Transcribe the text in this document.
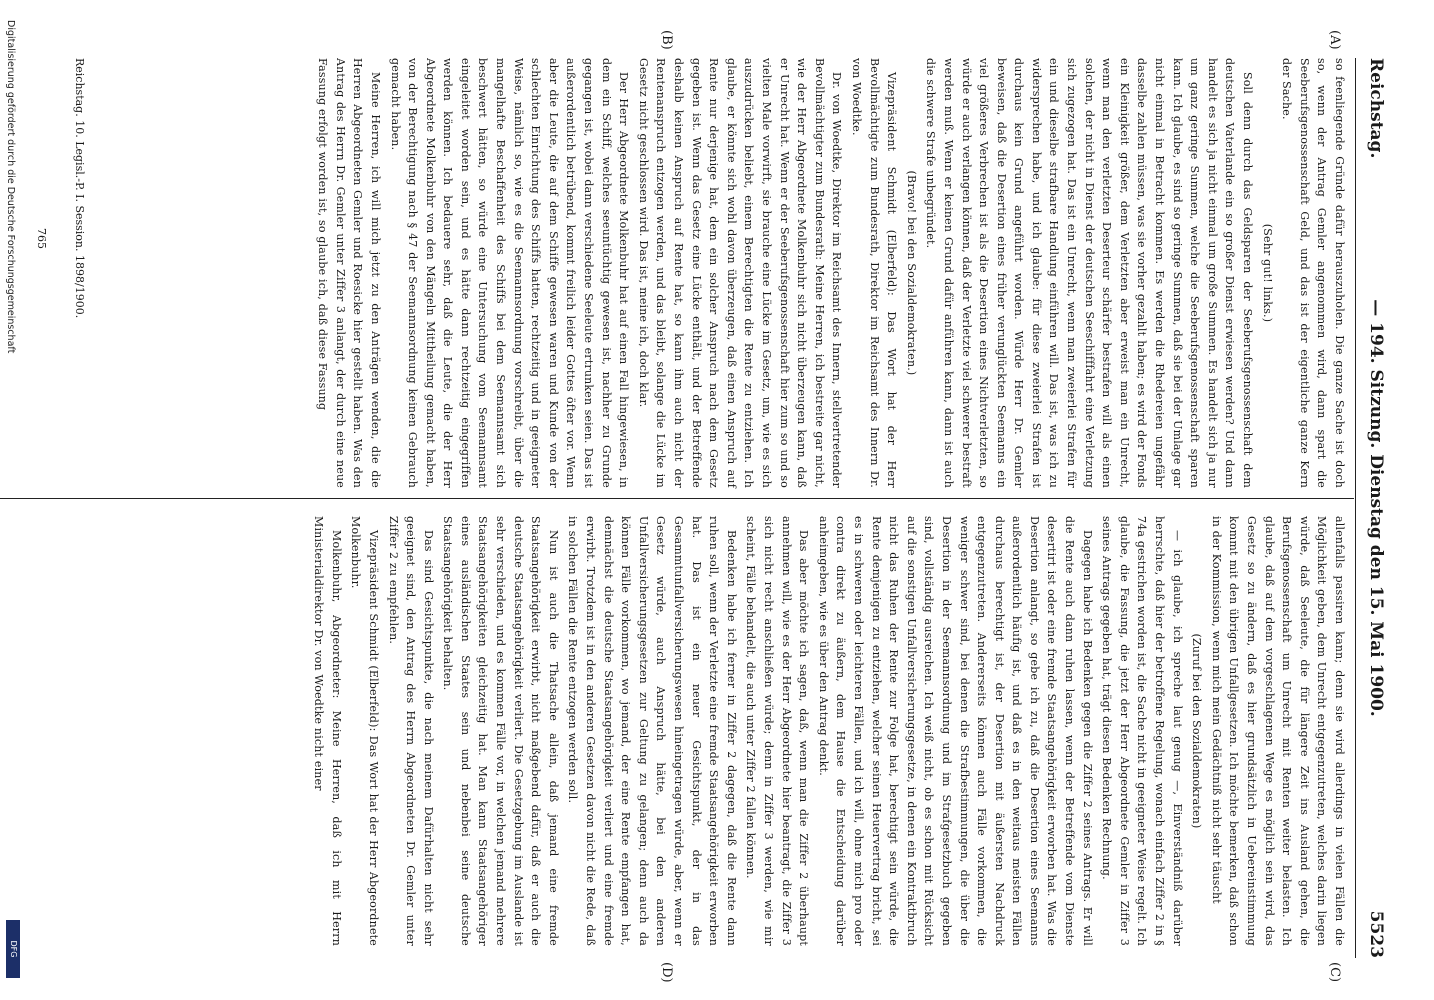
Reichstag.
— 194. Sitzung. Dienstag den 15. Mai 1900.
5523
(A)
(B)
(C)
(D)

so feenliegende Gründe dafür herauszuholen. Die ganze Sache ist doch so, wenn der Antrag Gemler angenommen wird, dann spart die Seeberufsgenossenschaft Geld, und das ist der eigentliche ganze Kern der Sache.

(Sehr gut! links.)

Soll denn durch das Geldsparen der Seeberufsgenossenschaft dem deutschen Vaterlande ein so großer Dienst erwiesen werden? Und dann handelt es sich ja nicht einmal um große Summen. Es handelt sich ja nur um ganz geringe Summen, welche die Seeberufsgenossenschaft sparen kann. Ich glaube, es sind so geringe Summen, daß sie bei der Umlage gar nicht einmal in Betracht kommen. Es werden die Rhedereien ungefähr dasselbe zahlen müssen, was sie vorher gezahlt haben; es wird der Fonds ein Kleinigkeit größer, dem Verletzten aber erweist man ein Unrecht, wenn man den verletzten Deserteur schärfer bestrafen will als einen solchen, der nicht in Dienst der deutschen Seeschifffahrt eine Verletzung sich zugezogen hat. Das ist ein Unrecht, wenn man zweierlei Strafen für ein und dieselbe strafbare Handlung einführen will. Das ist, was ich zu widersprechen habe, und ich glaube: für diese zweierlei Strafen ist durchaus kein Grund angeführt worden. Würde Herr Dr. Gemler beweisen, daß die Desertion eines früher verunglückten Seemanns ein viel größeres Verbrechen ist als die Desertion eines Nichtverletzten, so würde er auch verlangen können, daß der Verletzte viel schwerer bestraft werden muß. Wenn er keinen Grund dafür anführen kann, dann ist auch die schwere Strafe unbegründet.

(Bravo! bei den Sozialdemokraten.)

Vizepräsident Schmidt (Elberfeld): Das Wort hat der Herr Bevollmächtigte zum Bundesrath, Direktor im Reichsamt des Innern Dr. von Woedtke.

Dr. von Woedtke, Direktor im Reichsamt des Innern, stellvertretender Bevollmächtigter zum Bundesrath: Meine Herren, ich bestreite gar nicht, wie der Herr Abgeordnete Molkenbuhr sich nicht überzeugen kann, daß er Unrecht hat. Wenn er der Seeberufsgenossenschaft hier zum so und so vielten Male vorwirft, sie brauche eine Lücke im Gesetz, um, wie es sich auszudrücken beliebt, einem Berechtigten die Rente zu entziehen. Ich glaube, er könnte sich wohl davon überzeugen, daß einen Anspruch auf Rente nur derjenige hat, dem ein solcher Anspruch nach dem Gesetz gegeben ist. Wenn das Gesetz eine Lücke enthält, und der Betreffende deshalb keinen Anspruch auf Rente hat, so kann ihm auch nicht der Rentenanspruch entzogen werden, und das bleibt, solange die Lücke im Gesetz nicht geschlossen wird. Das ist, meine ich, doch klar.

Der Herr Abgeordnete Molkenbuhr hat auf einen Fall hingewiesen, in dem ein Schiff, welches seeuntüchtig gewesen ist, nachher zu Grunde gegangen ist, wobei dann verschiedene Seeleute ertrunken seien. Das ist außerordentlich betrübend, kommt freilich leider Gottes öfter vor. Wenn aber die Leute, die auf dem Schiffe gewesen waren und Kunde von der schlechten Einrichtung des Schiffs hatten, rechtzeitig und in geeigneter Weise, nämlich so, wie es die Seemannsordnung vorschreibt, über die mangelhafte Beschaffenheit des Schiffs bei dem Seemannsamt sich beschwert hätten, so würde eine Untersuchung vom Seemannsamt eingeleitet worden sein, und es hätte dann rechtzeitig eingegriffen werden können. Ich bedauere sehr, daß die Leute, die der Herr Abgeordnete Molkenbuhr von den Mängeln Mittheilung gemacht haben, von der Berechtigung nach § 47 der Seemannsordnung keinen Gebrauch gemacht haben.

Meine Herren, ich will mich jetzt zu den Anträgen wenden, die die Herren Abgeordneten Gemler und Roesicke hier gestellt haben. Was den Antrag des Herrn Dr. Gemler unter Ziffer 3 anlangt, der durch eine neue Fassung erfolgt worden ist, so glaube ich, daß diese Fassung

allenfalls passiren kann; denn sie wird allerdings in vielen Fällen die Möglichkeit geben, dem Unrecht entgegenzutreten, welches darin liegen würde, daß Seeleute, die für längere Zeit ins Ausland gehen, die Berufsgenossenschaft um Unrecht mit Renten weiter belasten. Ich glaube, daß auf dem vorgeschlagenen Wege es möglich sein wird, das Gesetz so zu ändern, daß es hier grundsätzlich in Uebereinstimmung kommt mit den übrigen Unfallgesetzen. Ich möchte bemerken, daß schon in der Kommission, wenn mich mein Gedächtniß nicht sehr täuscht

(Zuruf bei den Sozialdemokraten)

— ich glaube, ich spreche laut genug —, Einverständniß darüber herrschte, daß hier der betroffene Regelung, wonach einfach Ziffer 2 in § 74a gestrichen worden ist, die Sache nicht in geeigneter Weise regelt. Ich glaube, die Fassung, die jetzt der Herr Abgeordnete Gemler in Ziffer 3 seines Antrags gegeben hat, trägt diesen Bedenken Rechnung.

Dagegen habe ich Bedenken gegen die Ziffer 2 seines Antrags. Er will die Rente auch dann ruhen lassen, wenn der Betreffende vom Dienste desertirt ist oder eine fremde Staatsangehörigkeit erworben hat. Was die Desertion anlangt, so gebe ich zu, daß die Desertion eines Seemanns außerordentlich häufig ist, und daß es in den weitaus meisten Fällen durchaus berechtigt ist, der Desertion mit äußersten Nachdruck entgegenzutreten. Andererseits können auch Fälle vorkommen, die weniger schwer sind, bei denen die Strafbestimmungen, die über die Desertion in der Seemannsordnung und im Strafgesetzbuch gegeben sind, vollständig ausreichen. Ich weiß nicht, ob es schon mit Rücksicht auf die sonstigen Unfallversicherungsgesetze, in denen ein Kontraktbruch nicht das Ruhen der Rente zur Folge hat, berechtigt sein würde, die Rente demjenigen zu entziehen, welcher seinen Heuervertrag bricht, sei es in schweren oder leichteren Fällen, und ich will, ohne mich pro oder contra direkt zu äußern, dem Hause die Entscheidung darüber anheimgeben, wie es über den Antrag denkt.

Das aber möchte ich sagen, daß, wenn man die Ziffer 2 überhaupt annehmen will, wie es der Herr Abgeordnete hier beantragt, die Ziffer 3 sich nicht recht anschließen würde; denn in Ziffer 3 werden, wie mir scheint, Fälle behandelt, die auch unter Ziffer 2 fallen können.

Bedenken habe ich ferner in Ziffer 2 dagegen, daß die Rente dann ruhen soll, wenn der Verletzte eine fremde Staatsangehörigkeit erworben hat. Das ist ein neuer Gesichtspunkt, der in das Gesammtunfallversicherungswesen hineingetragen würde, aber, wenn er Gesetz würde, auch Anspruch hätte, bei den anderen Unfallversicherungsgesetzen zur Geltung zu gelangen; denn auch da können Fälle vorkommen, wo jemand, der eine Rente empfangen hat, demnächst die deutsche Staatsangehörigkeit verliert und eine fremde erwirbt. Trotzdem ist in den anderen Gesetzen davon nicht die Rede, daß in solchen Fällen die Rente entzogen werden soll.

Nun ist auch die Thatsache allein, daß jemand eine fremde Staatsangehörigkeit erwirbt, nicht maßgebend dafür, daß er auch die deutsche Staatsangehörigkeit verliert. Die Gesetzgebung im Auslande ist sehr verschieden, und es kommen Fälle vor, in welchen jemand mehrere Staatsangehörigkeiten gleichzeitig hat. Man kann Staatsangehöriger eines ausländischen Staates sein und nebenbei seine deutsche Staatsangehörigkeit behalten.

Das sind Gesichtspunkte, die nach meinem Dafürhalten nicht sehr geeignet sind, den Antrag des Herrn Abgeordneten Dr. Gemler unter Ziffer 2 zu empfehlen.

Vizepräsident Schmidt (Elberfeld): Das Wort hat der Herr Abgeordnete Molkenbuhr.

Molkenbuhr, Abgeordneter: Meine Herren, daß ich mit Herrn Ministerialdirektor Dr. von Woedtke nicht einer

Reichstag. 10. Legisl.-P. I. Session. 1898/1900.
765
Digitalisierung gefördert durch die Deutsche Forschungsgemeinschaft
DFG
